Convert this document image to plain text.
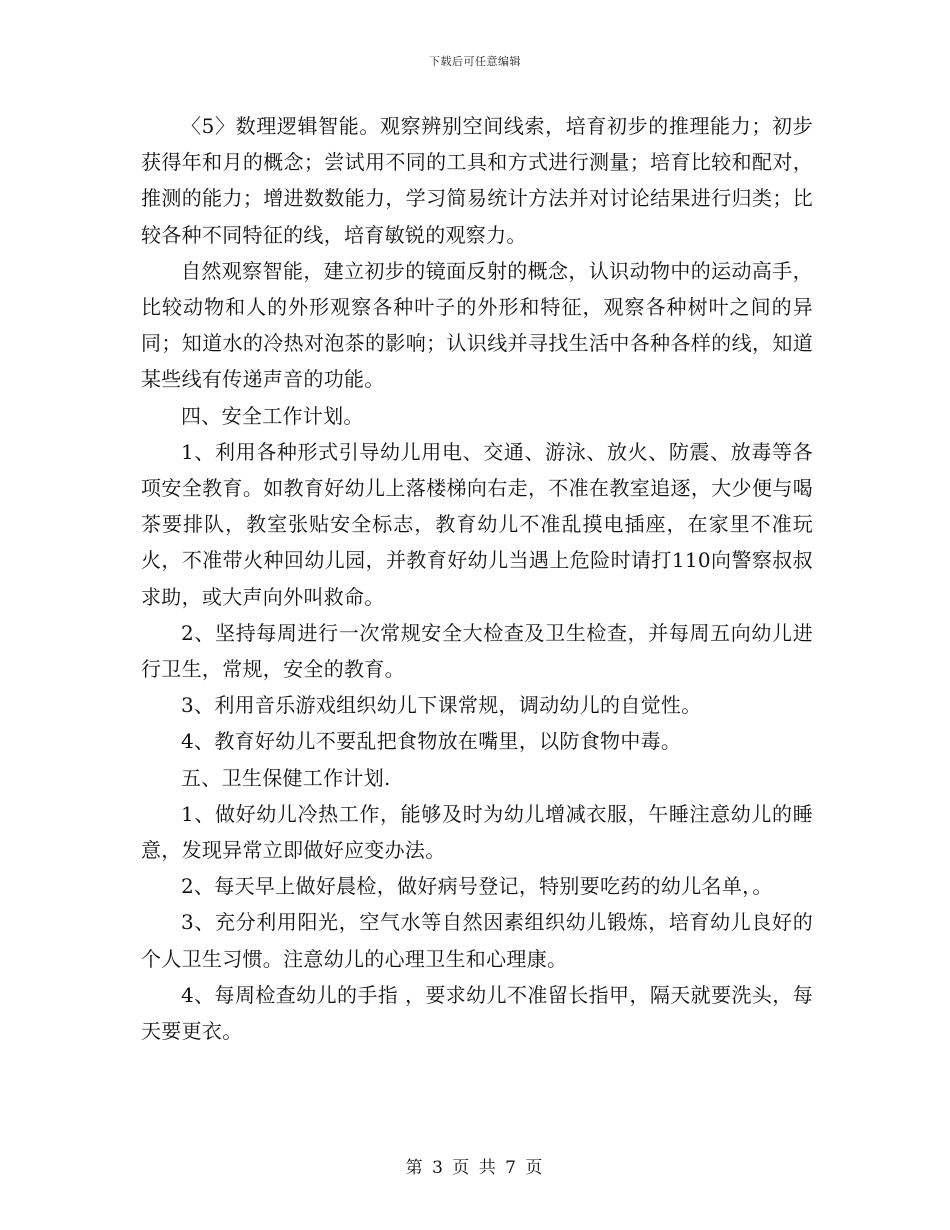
下载后可任意编辑

〈5〉数理逻辑智能。观察辨别空间线索，培育初步的推理能力；初步获得年和月的概念；尝试用不同的工具和方式进行测量；培育比较和配对，推测的能力；增进数数能力，学习简易统计方法并对讨论结果进行归类；比较各种不同特征的线，培育敏锐的观察力。

自然观察智能，建立初步的镜面反射的概念，认识动物中的运动高手，比较动物和人的外形观察各种叶子的外形和特征，观察各种树叶之间的异同；知道水的冷热对泡茶的影响；认识线并寻找生活中各种各样的线，知道某些线有传递声音的功能。

四、安全工作计划。

1、利用各种形式引导幼儿用电、交通、游泳、放火、防震、放毒等各项安全教育。如教育好幼儿上落楼梯向右走，不准在教室追逐，大少便与喝茶要排队，教室张贴安全标志，教育幼儿不准乱摸电插座，在家里不准玩火，不准带火种回幼儿园，并教育好幼儿当遇上危险时请打110向警察叔叔求助，或大声向外叫救命。

2、坚持每周进行一次常规安全大检查及卫生检查，并每周五向幼儿进行卫生，常规，安全的教育。

3、利用音乐游戏组织幼儿下课常规，调动幼儿的自觉性。

4、教育好幼儿不要乱把食物放在嘴里，以防食物中毒。

五、卫生保健工作计划.

1、做好幼儿冷热工作，能够及时为幼儿增减衣服，午睡注意幼儿的睡意，发现异常立即做好应变办法。

2、每天早上做好晨检，做好病号登记，特别要吃药的幼儿名单，。

3、充分利用阳光，空气水等自然因素组织幼儿锻炼，培育幼儿良好的个人卫生习惯。注意幼儿的心理卫生和心理康。

4、每周检查幼儿的手指 ，要求幼儿不准留长指甲，隔天就要洗头，每天要更衣。

第 3 页 共 7 页
